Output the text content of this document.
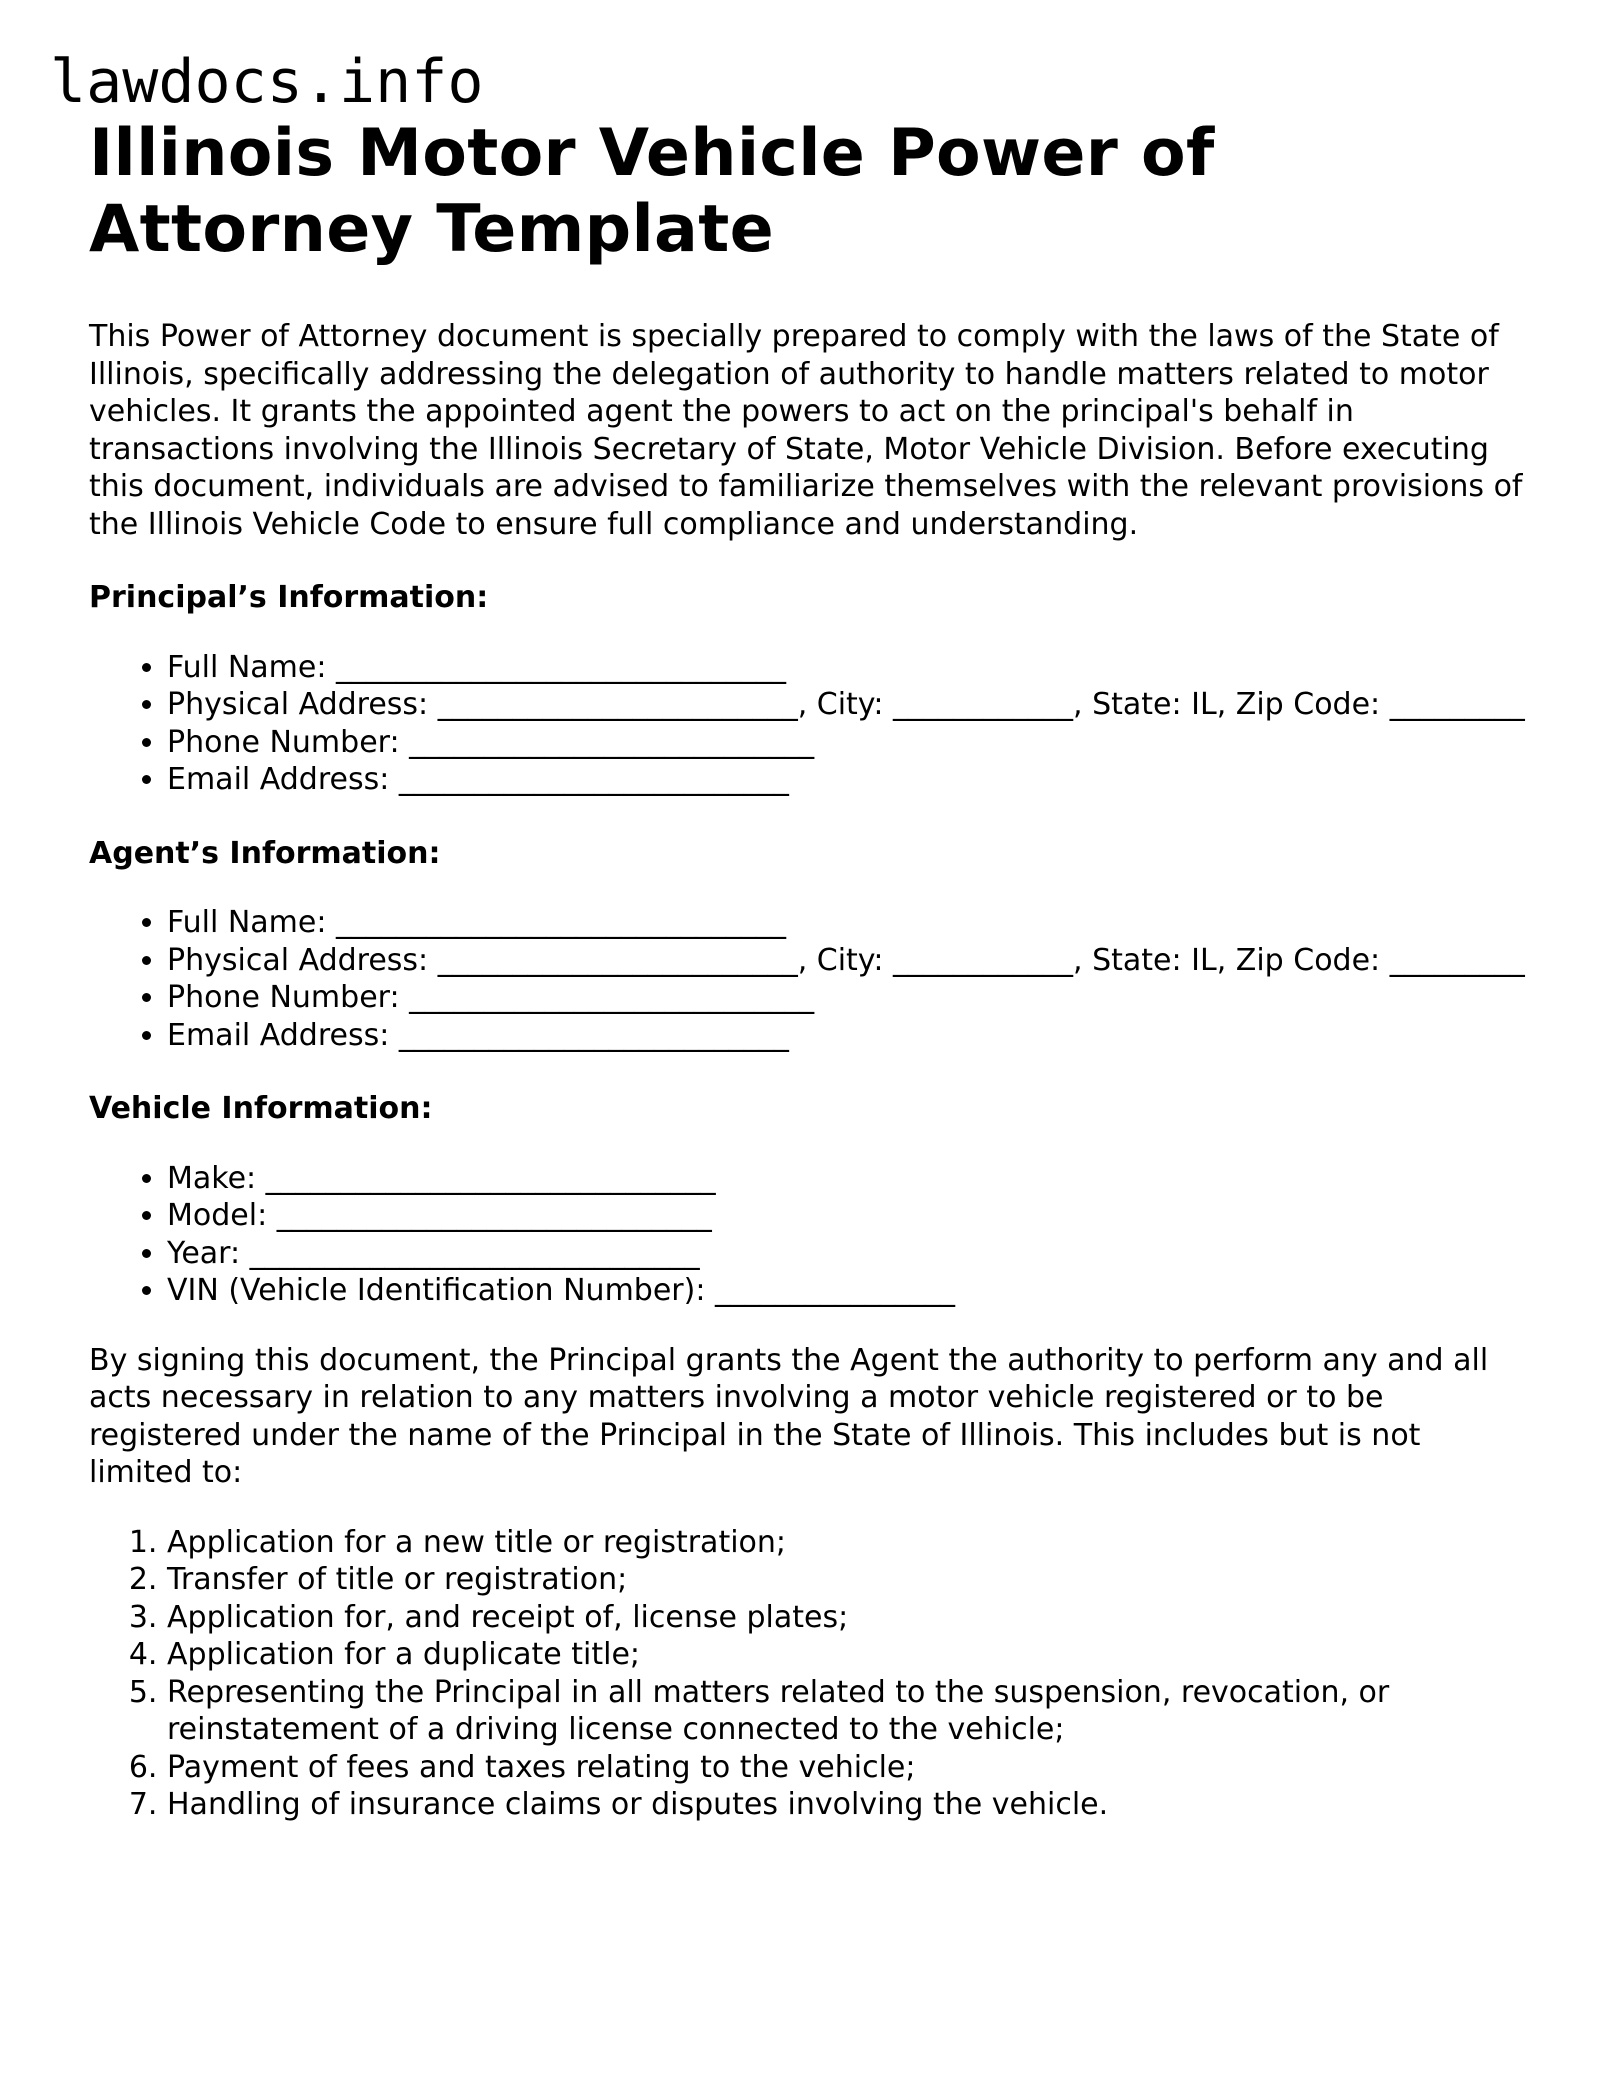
lawdocs.info
Illinois Motor Vehicle Power of Attorney Template

This Power of Attorney document is specially prepared to comply with the laws of the State of Illinois, specifically addressing the delegation of authority to handle matters related to motor vehicles. It grants the appointed agent the powers to act on the principal's behalf in transactions involving the Illinois Secretary of State, Motor Vehicle Division. Before executing this document, individuals are advised to familiarize themselves with the relevant provisions of the Illinois Vehicle Code to ensure full compliance and understanding.

Principal’s Information:
• Full Name: ______________________________
• Physical Address: ________________________, City: ____________, State: IL, Zip Code: _________
• Phone Number: ___________________________
• Email Address: __________________________
Agent’s Information:
• Full Name: ______________________________
• Physical Address: ________________________, City: ____________, State: IL, Zip Code: _________
• Phone Number: ___________________________
• Email Address: __________________________
Vehicle Information:
• Make: ______________________________
• Model: _____________________________
• Year: ______________________________
• VIN (Vehicle Identification Number): ________________

By signing this document, the Principal grants the Agent the authority to perform any and all acts necessary in relation to any matters involving a motor vehicle registered or to be registered under the name of the Principal in the State of Illinois. This includes but is not limited to:

1. Application for a new title or registration;
2. Transfer of title or registration;
3. Application for, and receipt of, license plates;
4. Application for a duplicate title;
5. Representing the Principal in all matters related to the suspension, revocation, or reinstatement of a driving license connected to the vehicle;
6. Payment of fees and taxes relating to the vehicle;
7. Handling of insurance claims or disputes involving the vehicle.
